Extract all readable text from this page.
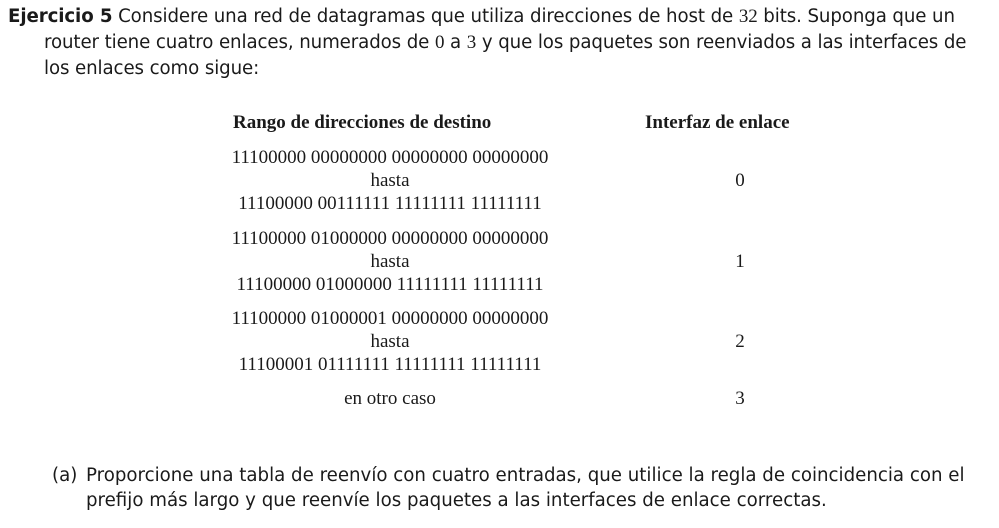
Ejercicio 5 Considere una red de datagramas que utiliza direcciones de host de 32 bits. Suponga que un
router tiene cuatro enlaces, numerados de 0 a 3 y que los paquetes son reenviados a las interfaces de
los enlaces como sigue:
Rango de direcciones de destino	Interfaz de enlace
11100000 00000000 00000000 00000000
hasta
11100000 00111111 11111111 11111111
0
11100000 01000000 00000000 00000000
hasta
11100000 01000000 11111111 11111111
1
11100000 01000001 00000000 00000000
hasta
11100001 01111111 11111111 11111111
2
en otro caso	3
(a) Proporcione una tabla de reenvío con cuatro entradas, que utilice la regla de coincidencia con el
prefijo más largo y que reenvíe los paquetes a las interfaces de enlace correctas.
